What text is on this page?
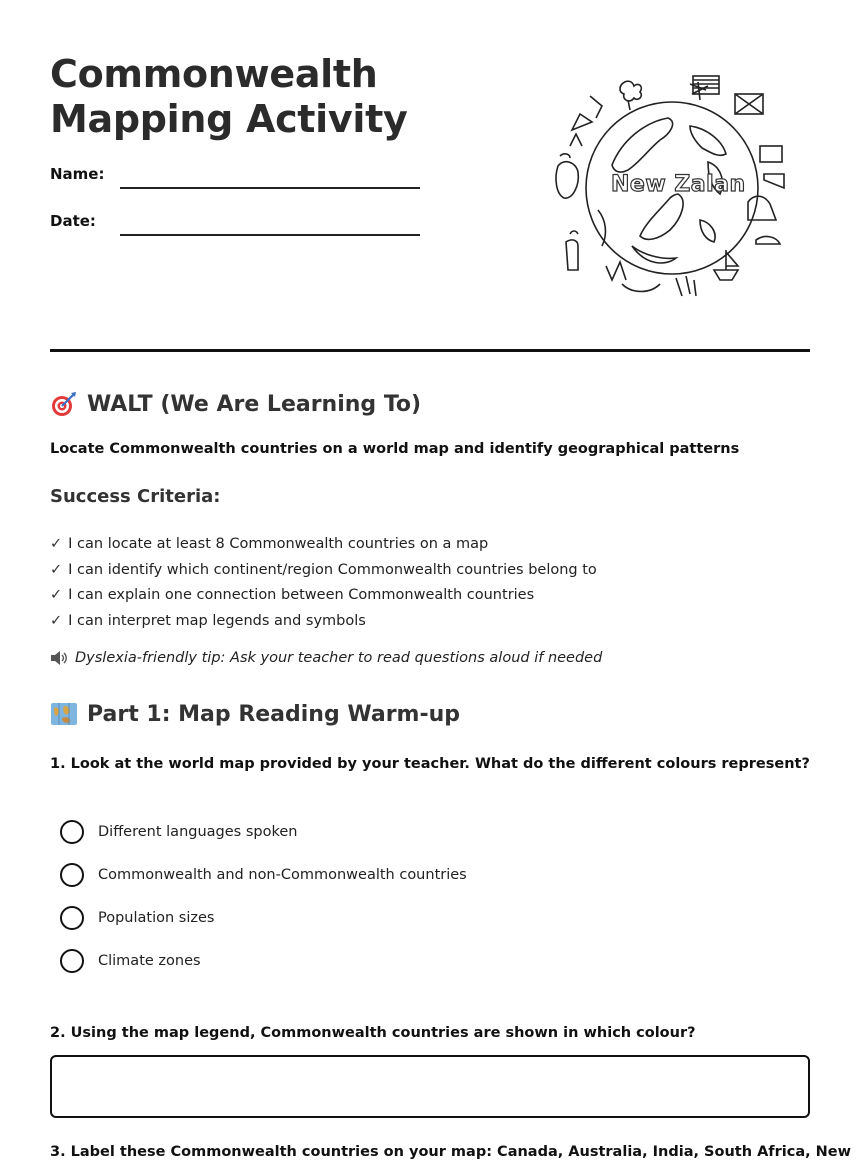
Commonwealth
Mapping Activity
Name:
Date:
New Zalan
WALT (We Are Learning To)
Locate Commonwealth countries on a world map and identify geographical patterns
Success Criteria:
✓ I can locate at least 8 Commonwealth countries on a map
✓ I can identify which continent/region Commonwealth countries belong to
✓ I can explain one connection between Commonwealth countries
✓ I can interpret map legends and symbols
Dyslexia-friendly tip: Ask your teacher to read questions aloud if needed
Part 1: Map Reading Warm-up
1. Look at the world map provided by your teacher. What do the different colours represent?
Different languages spoken
Commonwealth and non-Commonwealth countries
Population sizes
Climate zones
2. Using the map legend, Commonwealth countries are shown in which colour?
3. Label these Commonwealth countries on your map: Canada, Australia, India, South Africa, New
